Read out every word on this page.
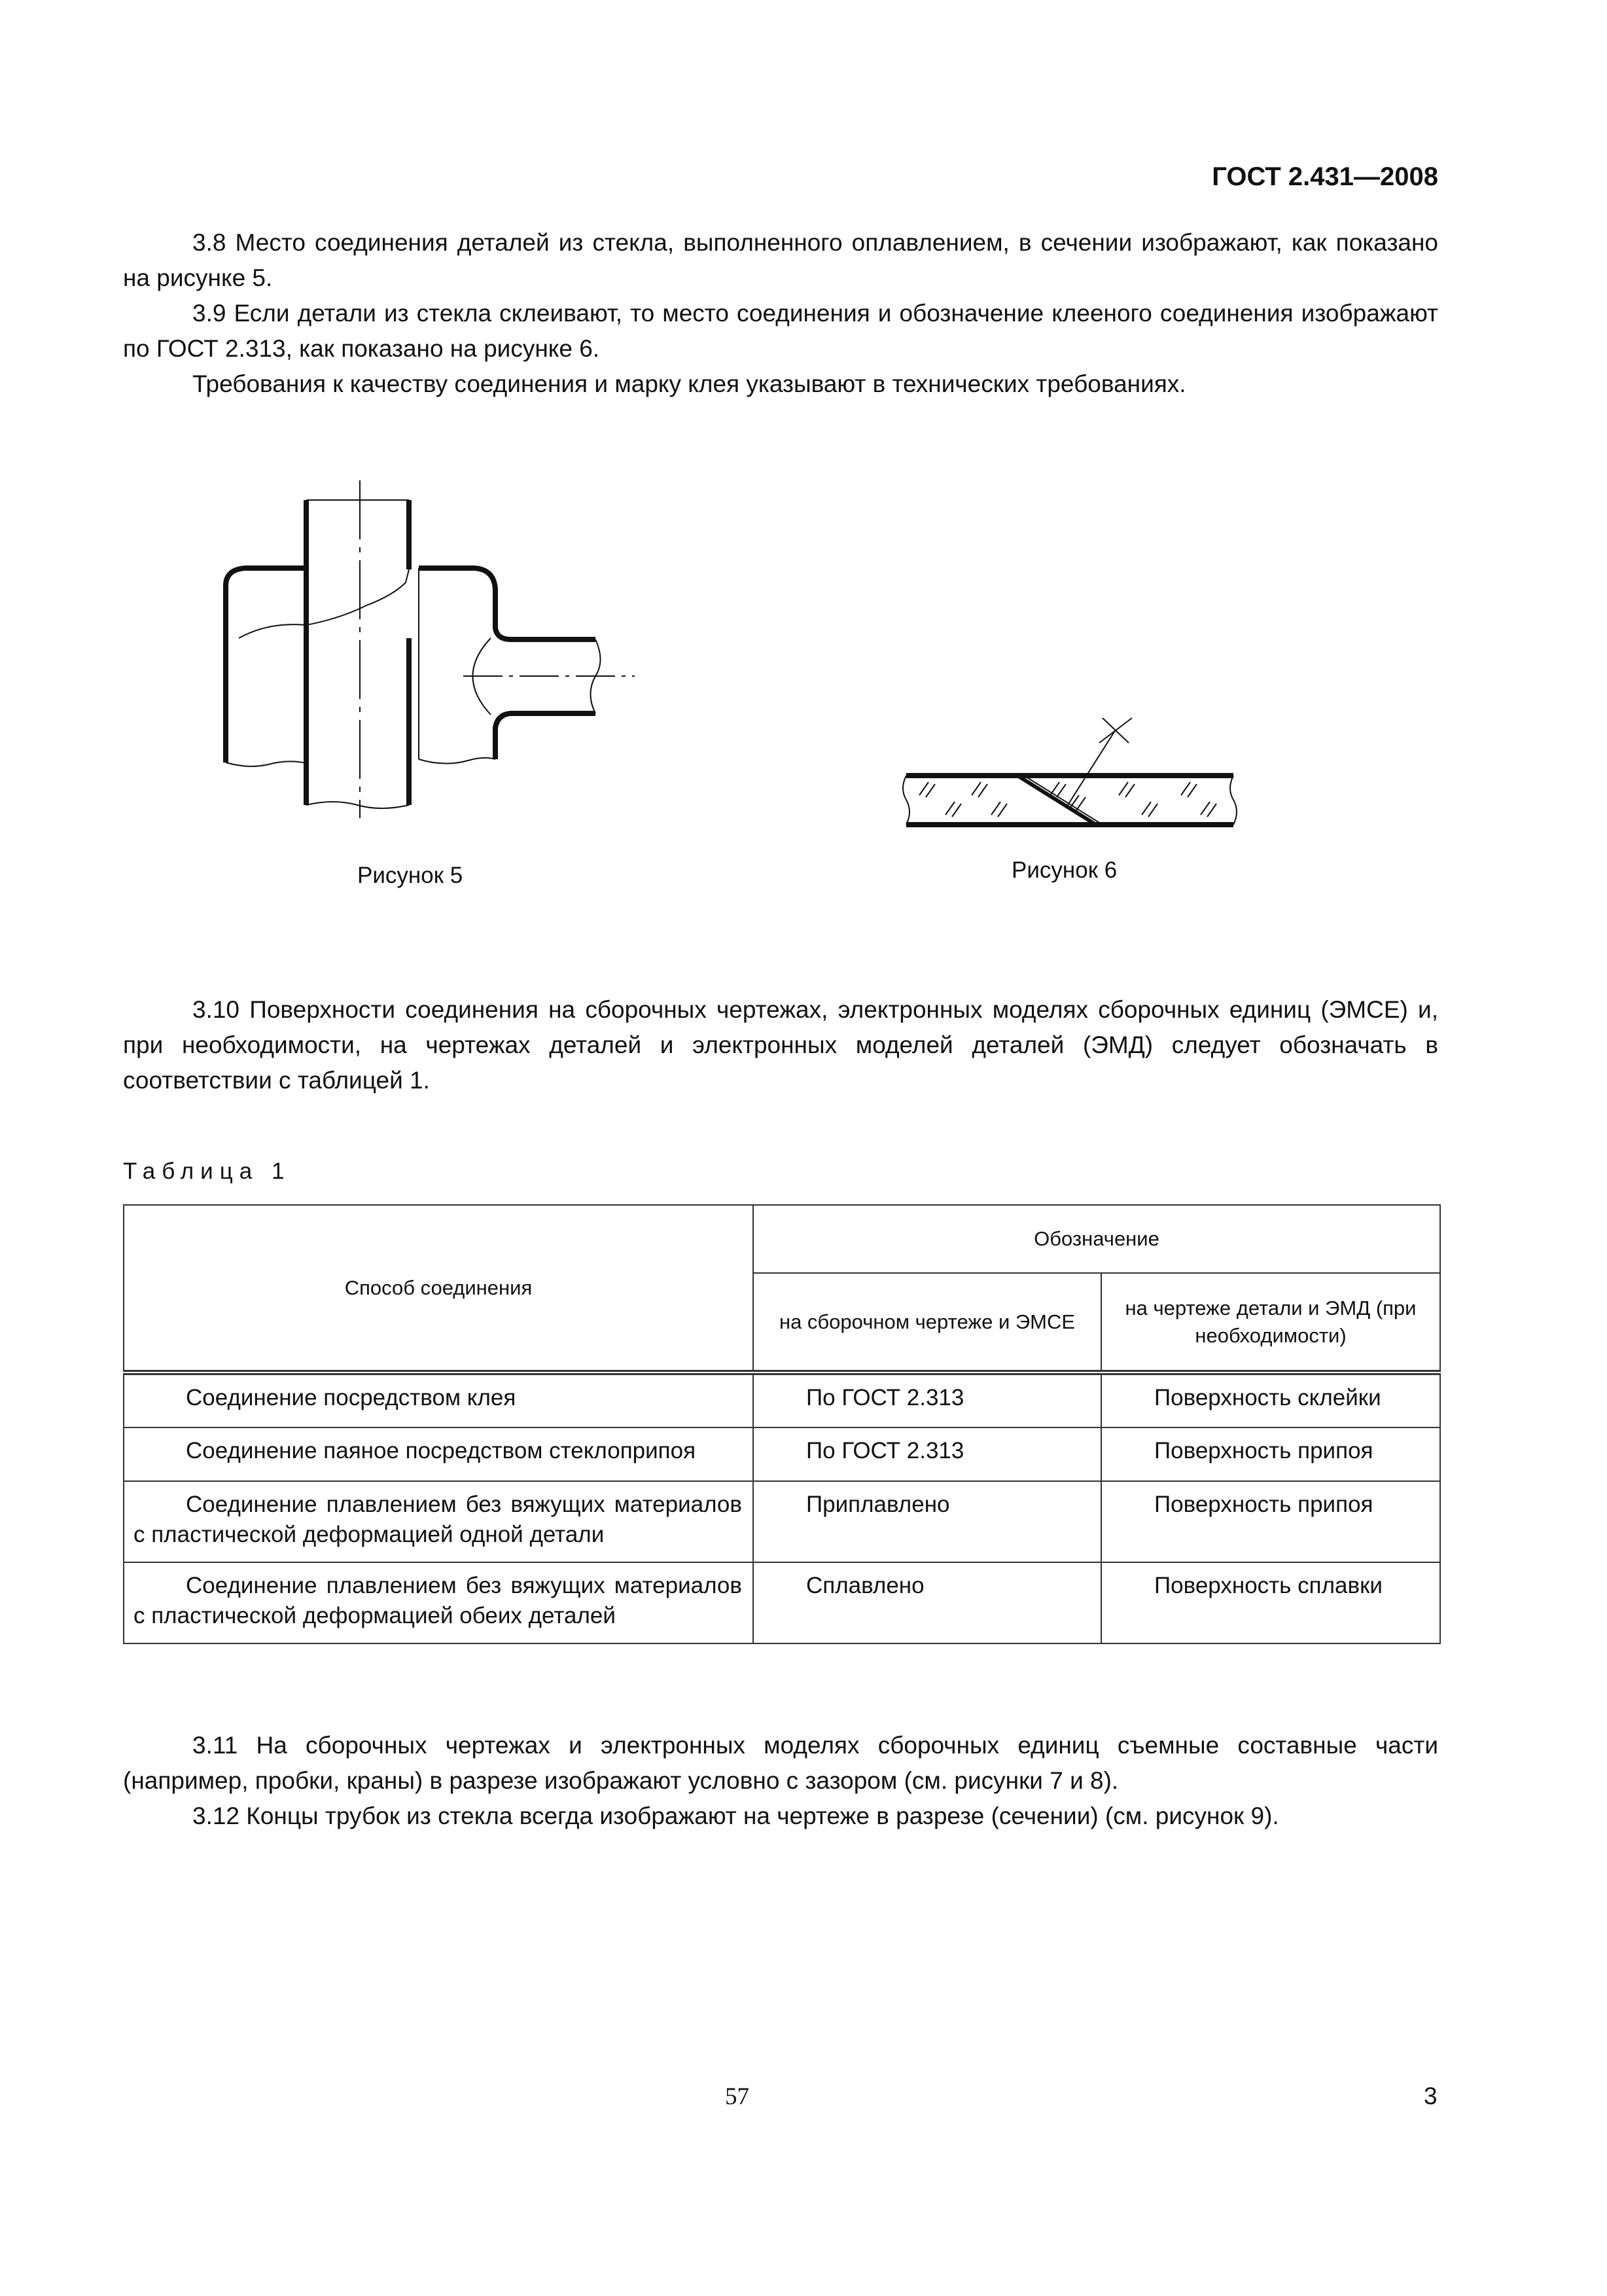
ГОСТ 2.431—2008

3.8 Место соединения деталей из стекла, выполненного оплавлением, в сечении изображают, как показано на рисунке 5.

3.9 Если детали из стекла склеивают, то место соединения и обозначение клееного соединения изображают по ГОСТ 2.313, как показано на рисунке 6.

Требования к качеству соединения и марку клея указывают в технических требованиях.

Рисунок 5	Рисунок 6

3.10 Поверхности соединения на сборочных чертежах, электронных моделях сборочных единиц (ЭМСЕ) и, при необходимости, на чертежах деталей и электронных моделей деталей (ЭМД) следует обозначать в соответствии с таблицей 1.

Таблица 1
Способ соединения	Обозначение	
	на сборочном чертеже и ЭМСЕ	на чертеже детали и ЭМД (при необходимости)
Соединение посредством клея	По ГОСТ 2.313	Поверхность склейки
Соединение паяное посредством стеклоприпоя	По ГОСТ 2.313	Поверхность припоя
Соединение плавлением без вяжущих материалов с пластической деформацией одной детали	Приплавлено	Поверхность припоя
Соединение плавлением без вяжущих материалов с пластической деформацией обеих деталей	Сплавлено	Поверхность сплавки

3.11 На сборочных чертежах и электронных моделях сборочных единиц съемные составные части (например, пробки, краны) в разрезе изображают условно с зазором (см. рисунки 7 и 8).

3.12 Концы трубок из стекла всегда изображают на чертеже в разрезе (сечении) (см. рисунок 9).

57	3
